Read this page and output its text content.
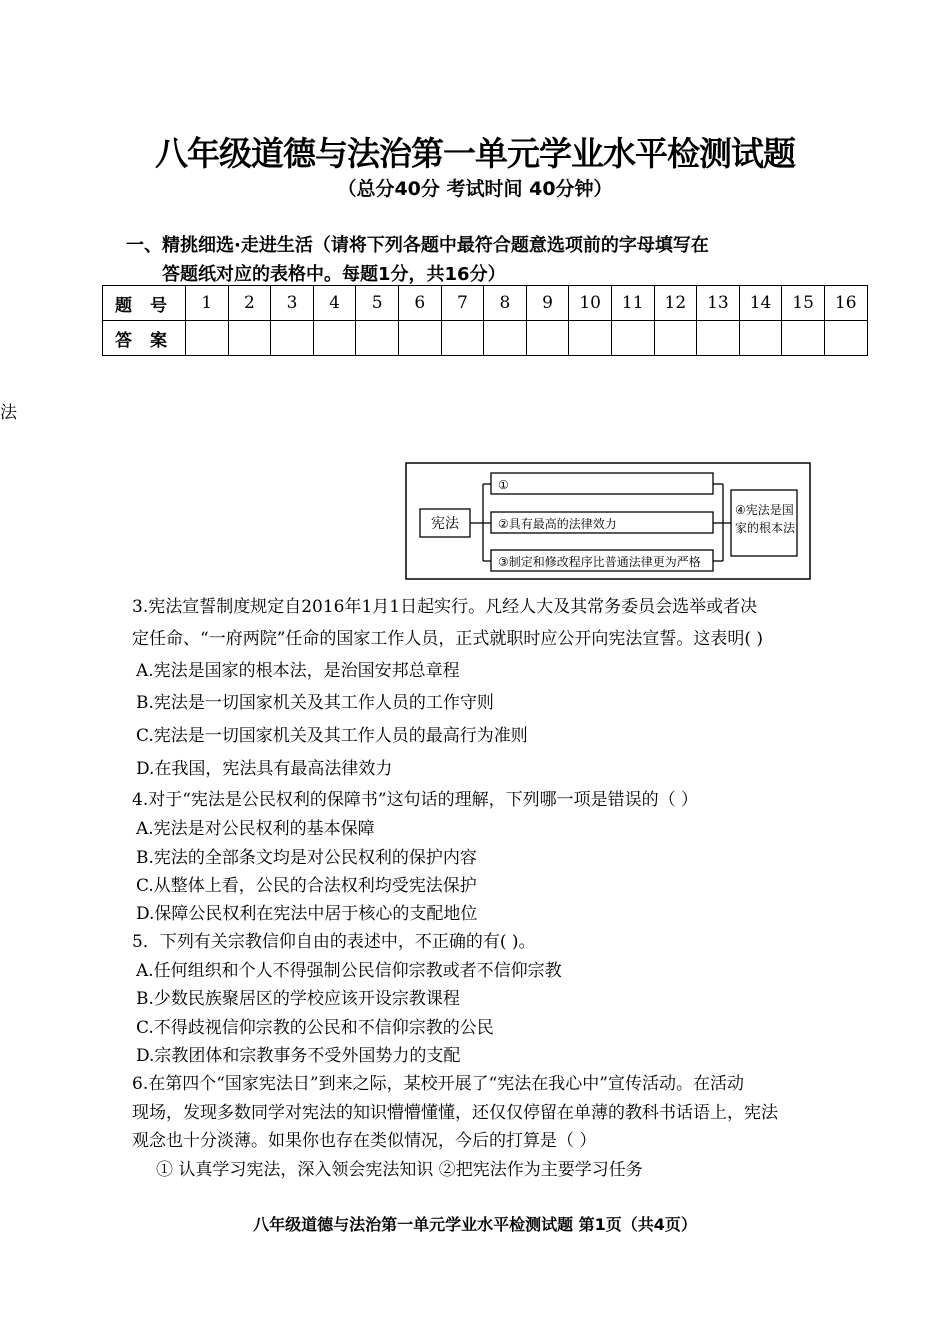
八年级道德与法治第一单元学业水平检测试题
（总分40分 考试时间 40分钟）
一、精挑细选·走进生活（请将下列各题中最符合题意选项前的字母填写在
答题纸对应的表格中。每题1分，共16分）
题 号	1	2	3	4	5	6	7	8	9	10	11	12	13	14	15	16
答 案																
法
宪法
①
②具有最高的法律效力
③制定和修改程序比普通法律更为严格
④宪法是国
家的根本法
3.宪法宣誓制度规定自2016年1月1日起实行。凡经人大及其常务委员会选举或者决
定任命、“一府两院”任命的国家工作人员，正式就职时应公开向宪法宣誓。这表明( )
A.宪法是国家的根本法，是治国安邦总章程
B.宪法是一切国家机关及其工作人员的工作守则
C.宪法是一切国家机关及其工作人员的最高行为准则
D.在我国，宪法具有最高法律效力
4.对于“宪法是公民权利的保障书”这句话的理解，下列哪一项是错误的（ ）
A.宪法是对公民权利的基本保障
B.宪法的全部条文均是对公民权利的保护内容
C.从整体上看，公民的合法权利均受宪法保护
D.保障公民权利在宪法中居于核心的支配地位
5．下列有关宗教信仰自由的表述中，不正确的有( )。
A.任何组织和个人不得强制公民信仰宗教或者不信仰宗教
B.少数民族聚居区的学校应该开设宗教课程
C.不得歧视信仰宗教的公民和不信仰宗教的公民
D.宗教团体和宗教事务不受外国势力的支配
6.在第四个“国家宪法日”到来之际，某校开展了“宪法在我心中”宣传活动。在活动
现场，发现多数同学对宪法的知识懵懵懂懂，还仅仅停留在单薄的教科书话语上，宪法
观念也十分淡薄。如果你也存在类似情况，今后的打算是（ ）
① 认真学习宪法，深入领会宪法知识 ②把宪法作为主要学习任务
八年级道德与法治第一单元学业水平检测试题 第1页（共4页）
